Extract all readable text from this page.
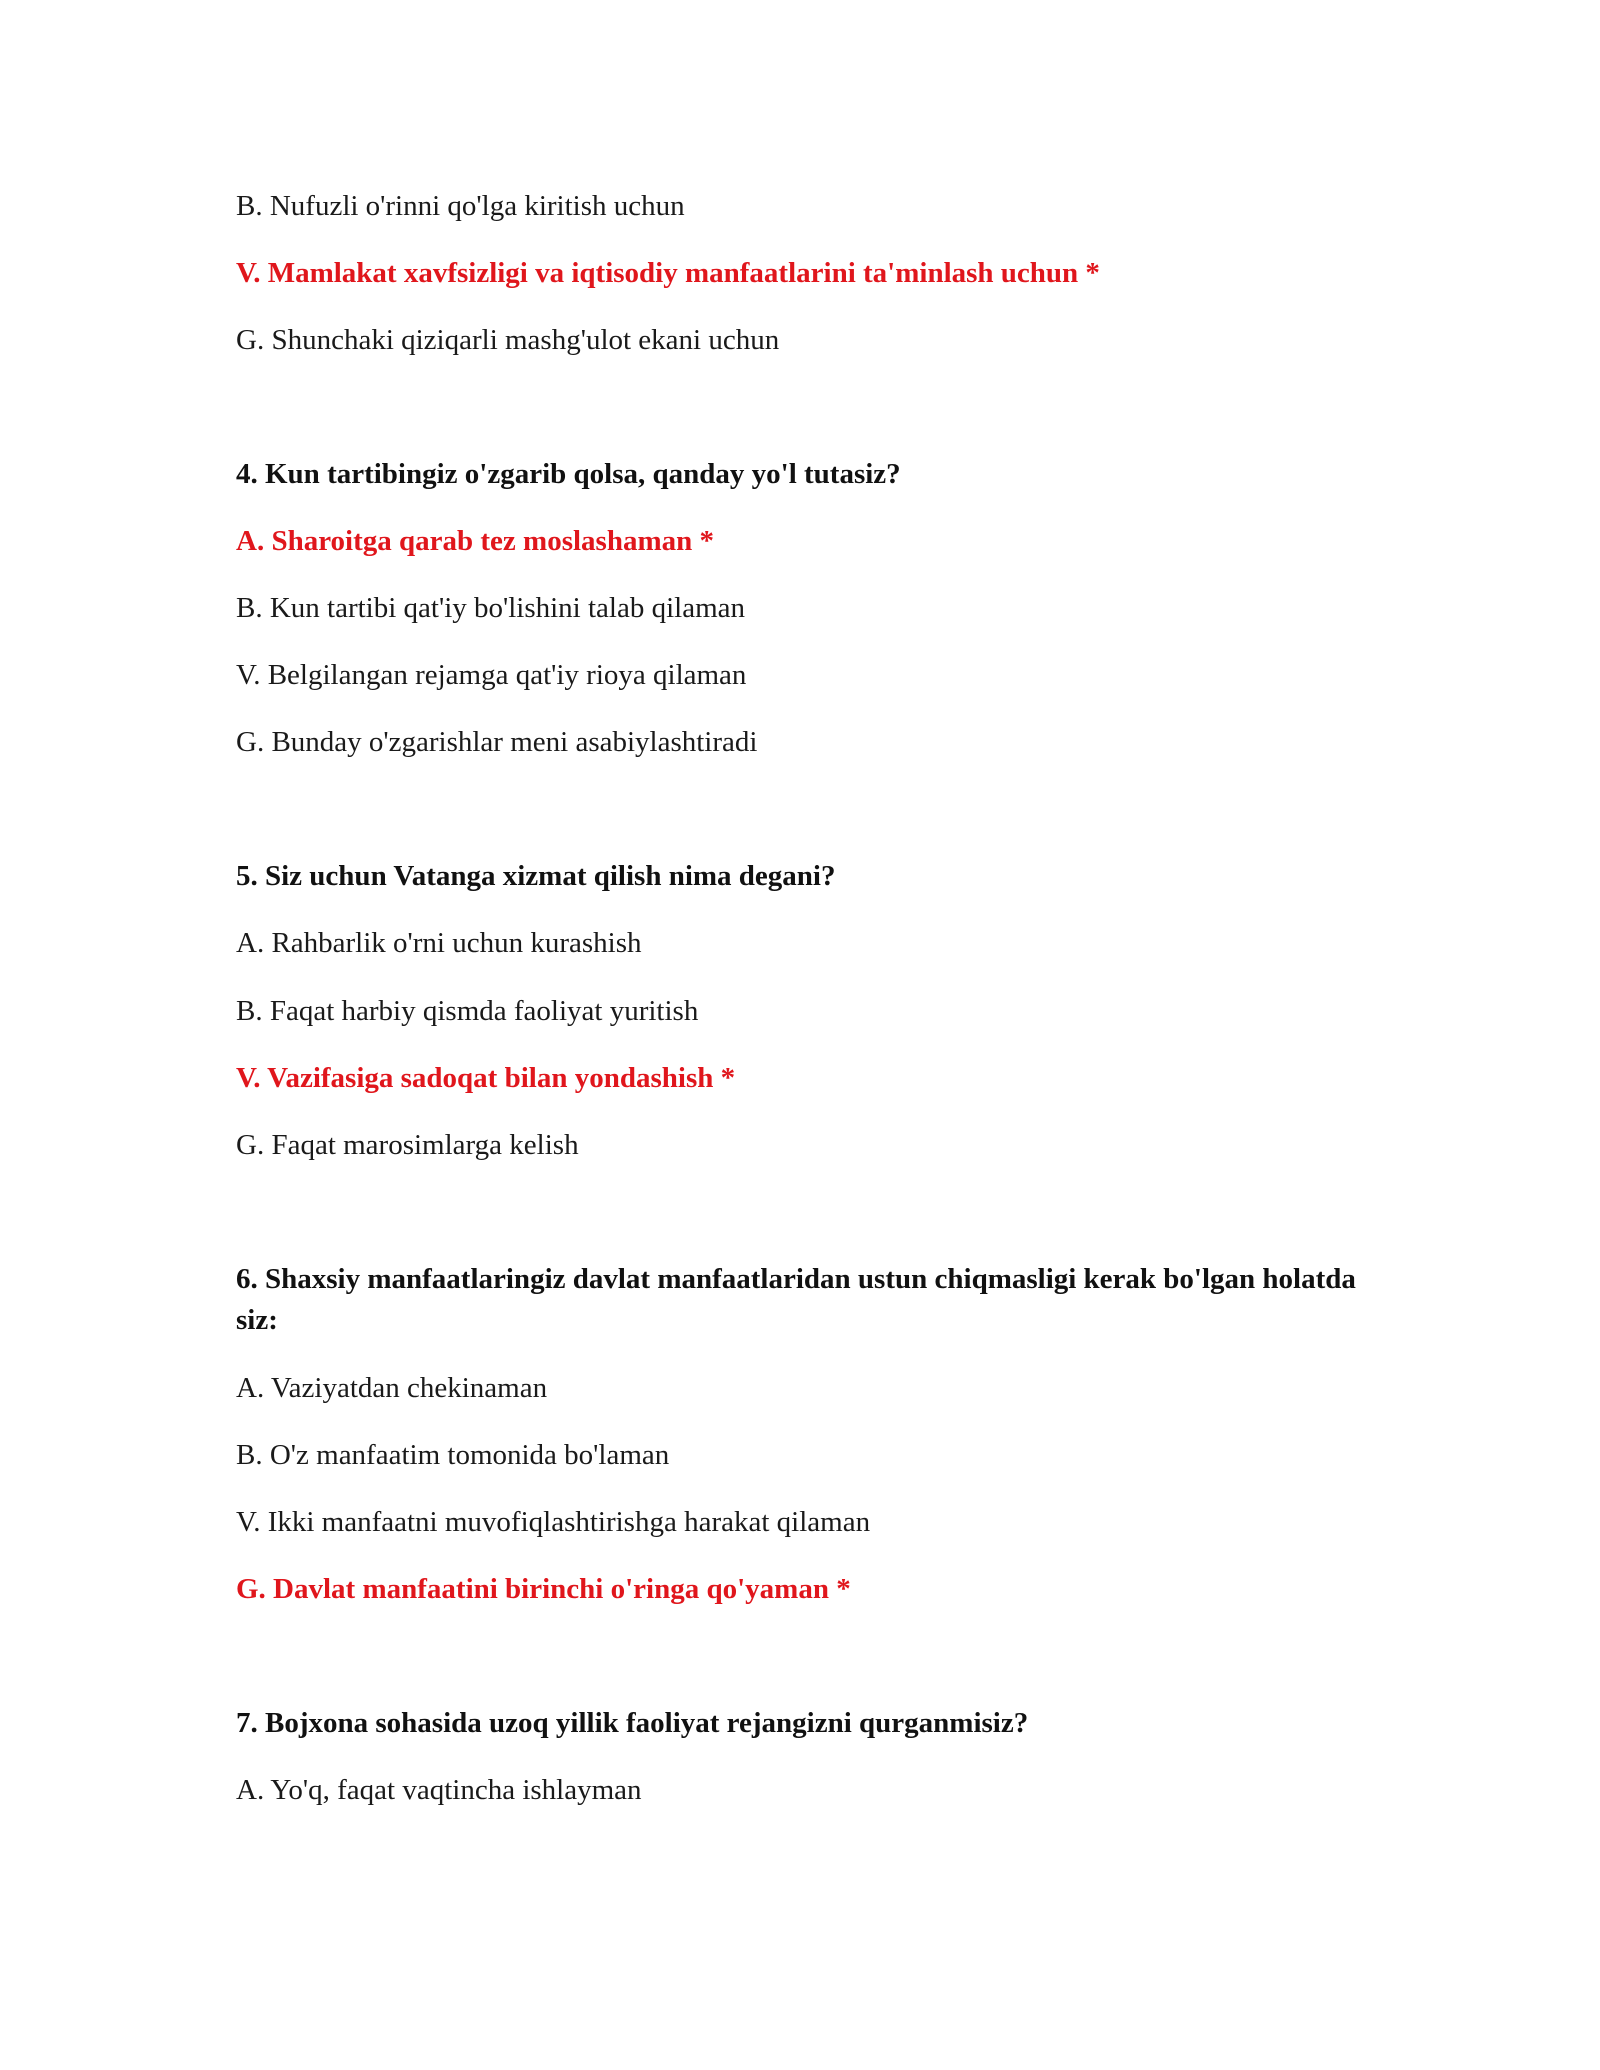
B. Nufuzli o'rinni qo'lga kiritish uchun
V. Mamlakat xavfsizligi va iqtisodiy manfaatlarini ta'minlash uchun *
G. Shunchaki qiziqarli mashg'ulot ekani uchun
4. Kun tartibingiz o'zgarib qolsa, qanday yo'l tutasiz?
A. Sharoitga qarab tez moslashaman *
B. Kun tartibi qat'iy bo'lishini talab qilaman
V. Belgilangan rejamga qat'iy rioya qilaman
G. Bunday o'zgarishlar meni asabiylashtiradi
5. Siz uchun Vatanga xizmat qilish nima degani?
A. Rahbarlik o'rni uchun kurashish
B. Faqat harbiy qismda faoliyat yuritish
V. Vazifasiga sadoqat bilan yondashish *
G. Faqat marosimlarga kelish
6. Shaxsiy manfaatlaringiz davlat manfaatlaridan ustun chiqmasligi kerak bo'lgan holatda siz:
A. Vaziyatdan chekinaman
B. O'z manfaatim tomonida bo'laman
V. Ikki manfaatni muvofiqlashtirishga harakat qilaman
G. Davlat manfaatini birinchi o'ringa qo'yaman *
7. Bojxona sohasida uzoq yillik faoliyat rejangizni qurganmisiz?
A. Yo'q, faqat vaqtincha ishlayman
